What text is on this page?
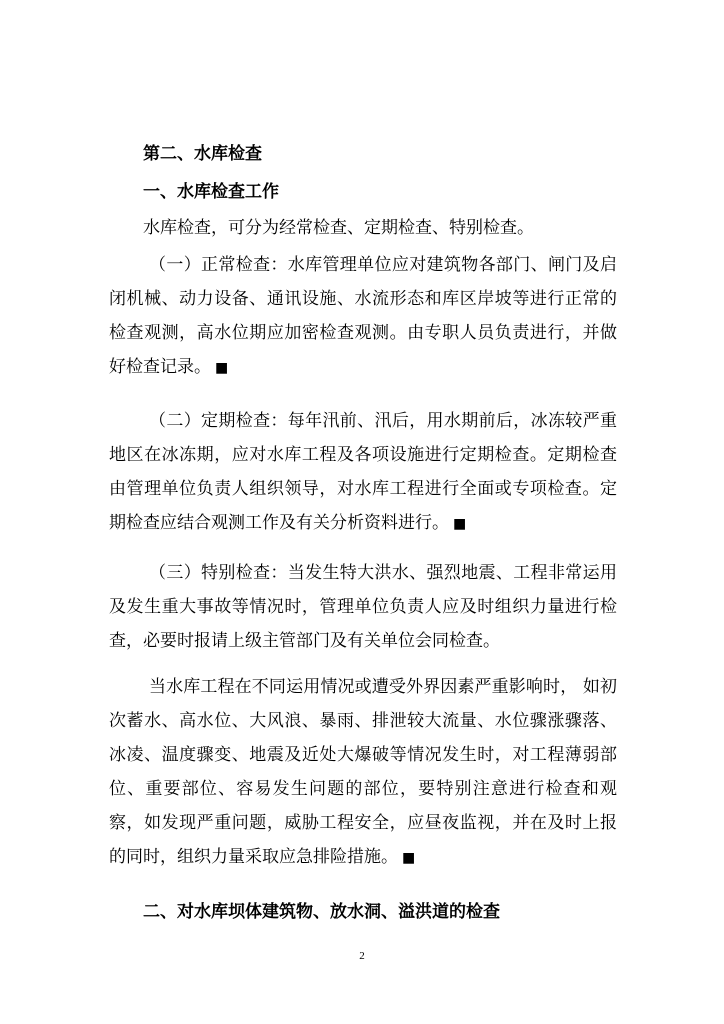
第二、水库检查
一、水库检查工作
水库检查，可分为经常检查、定期检查、特别检查。

（一）正常检查：水库管理单位应对建筑物各部门、闸门及启闭机械、动力设备、通讯设施、水流形态和库区岸坡等进行正常的检查观测，高水位期应加密检查观测。由专职人员负责进行，并做好检查记录。 ■

（二）定期检查：每年汛前、汛后，用水期前后，冰冻较严重地区在冰冻期，应对水库工程及各项设施进行定期检查。定期检查由管理单位负责人组织领导，对水库工程进行全面或专项检查。定期检查应结合观测工作及有关分析资料进行。 ■

（三）特别检查：当发生特大洪水、强烈地震、工程非常运用及发生重大事故等情况时，管理单位负责人应及时组织力量进行检查，必要时报请上级主管部门及有关单位会同检查。

当水库工程在不同运用情况或遭受外界因素严重影响时， 如初次蓄水、高水位、大风浪、暴雨、排泄较大流量、水位骤涨骤落、冰凌、温度骤变、地震及近处大爆破等情况发生时，对工程薄弱部位、重要部位、容易发生问题的部位，要特别注意进行检查和观察，如发现严重问题，威胁工程安全，应昼夜监视，并在及时上报的同时，组织力量采取应急排险措施。 ■

二、对水库坝体建筑物、放水洞、溢洪道的检查
2
